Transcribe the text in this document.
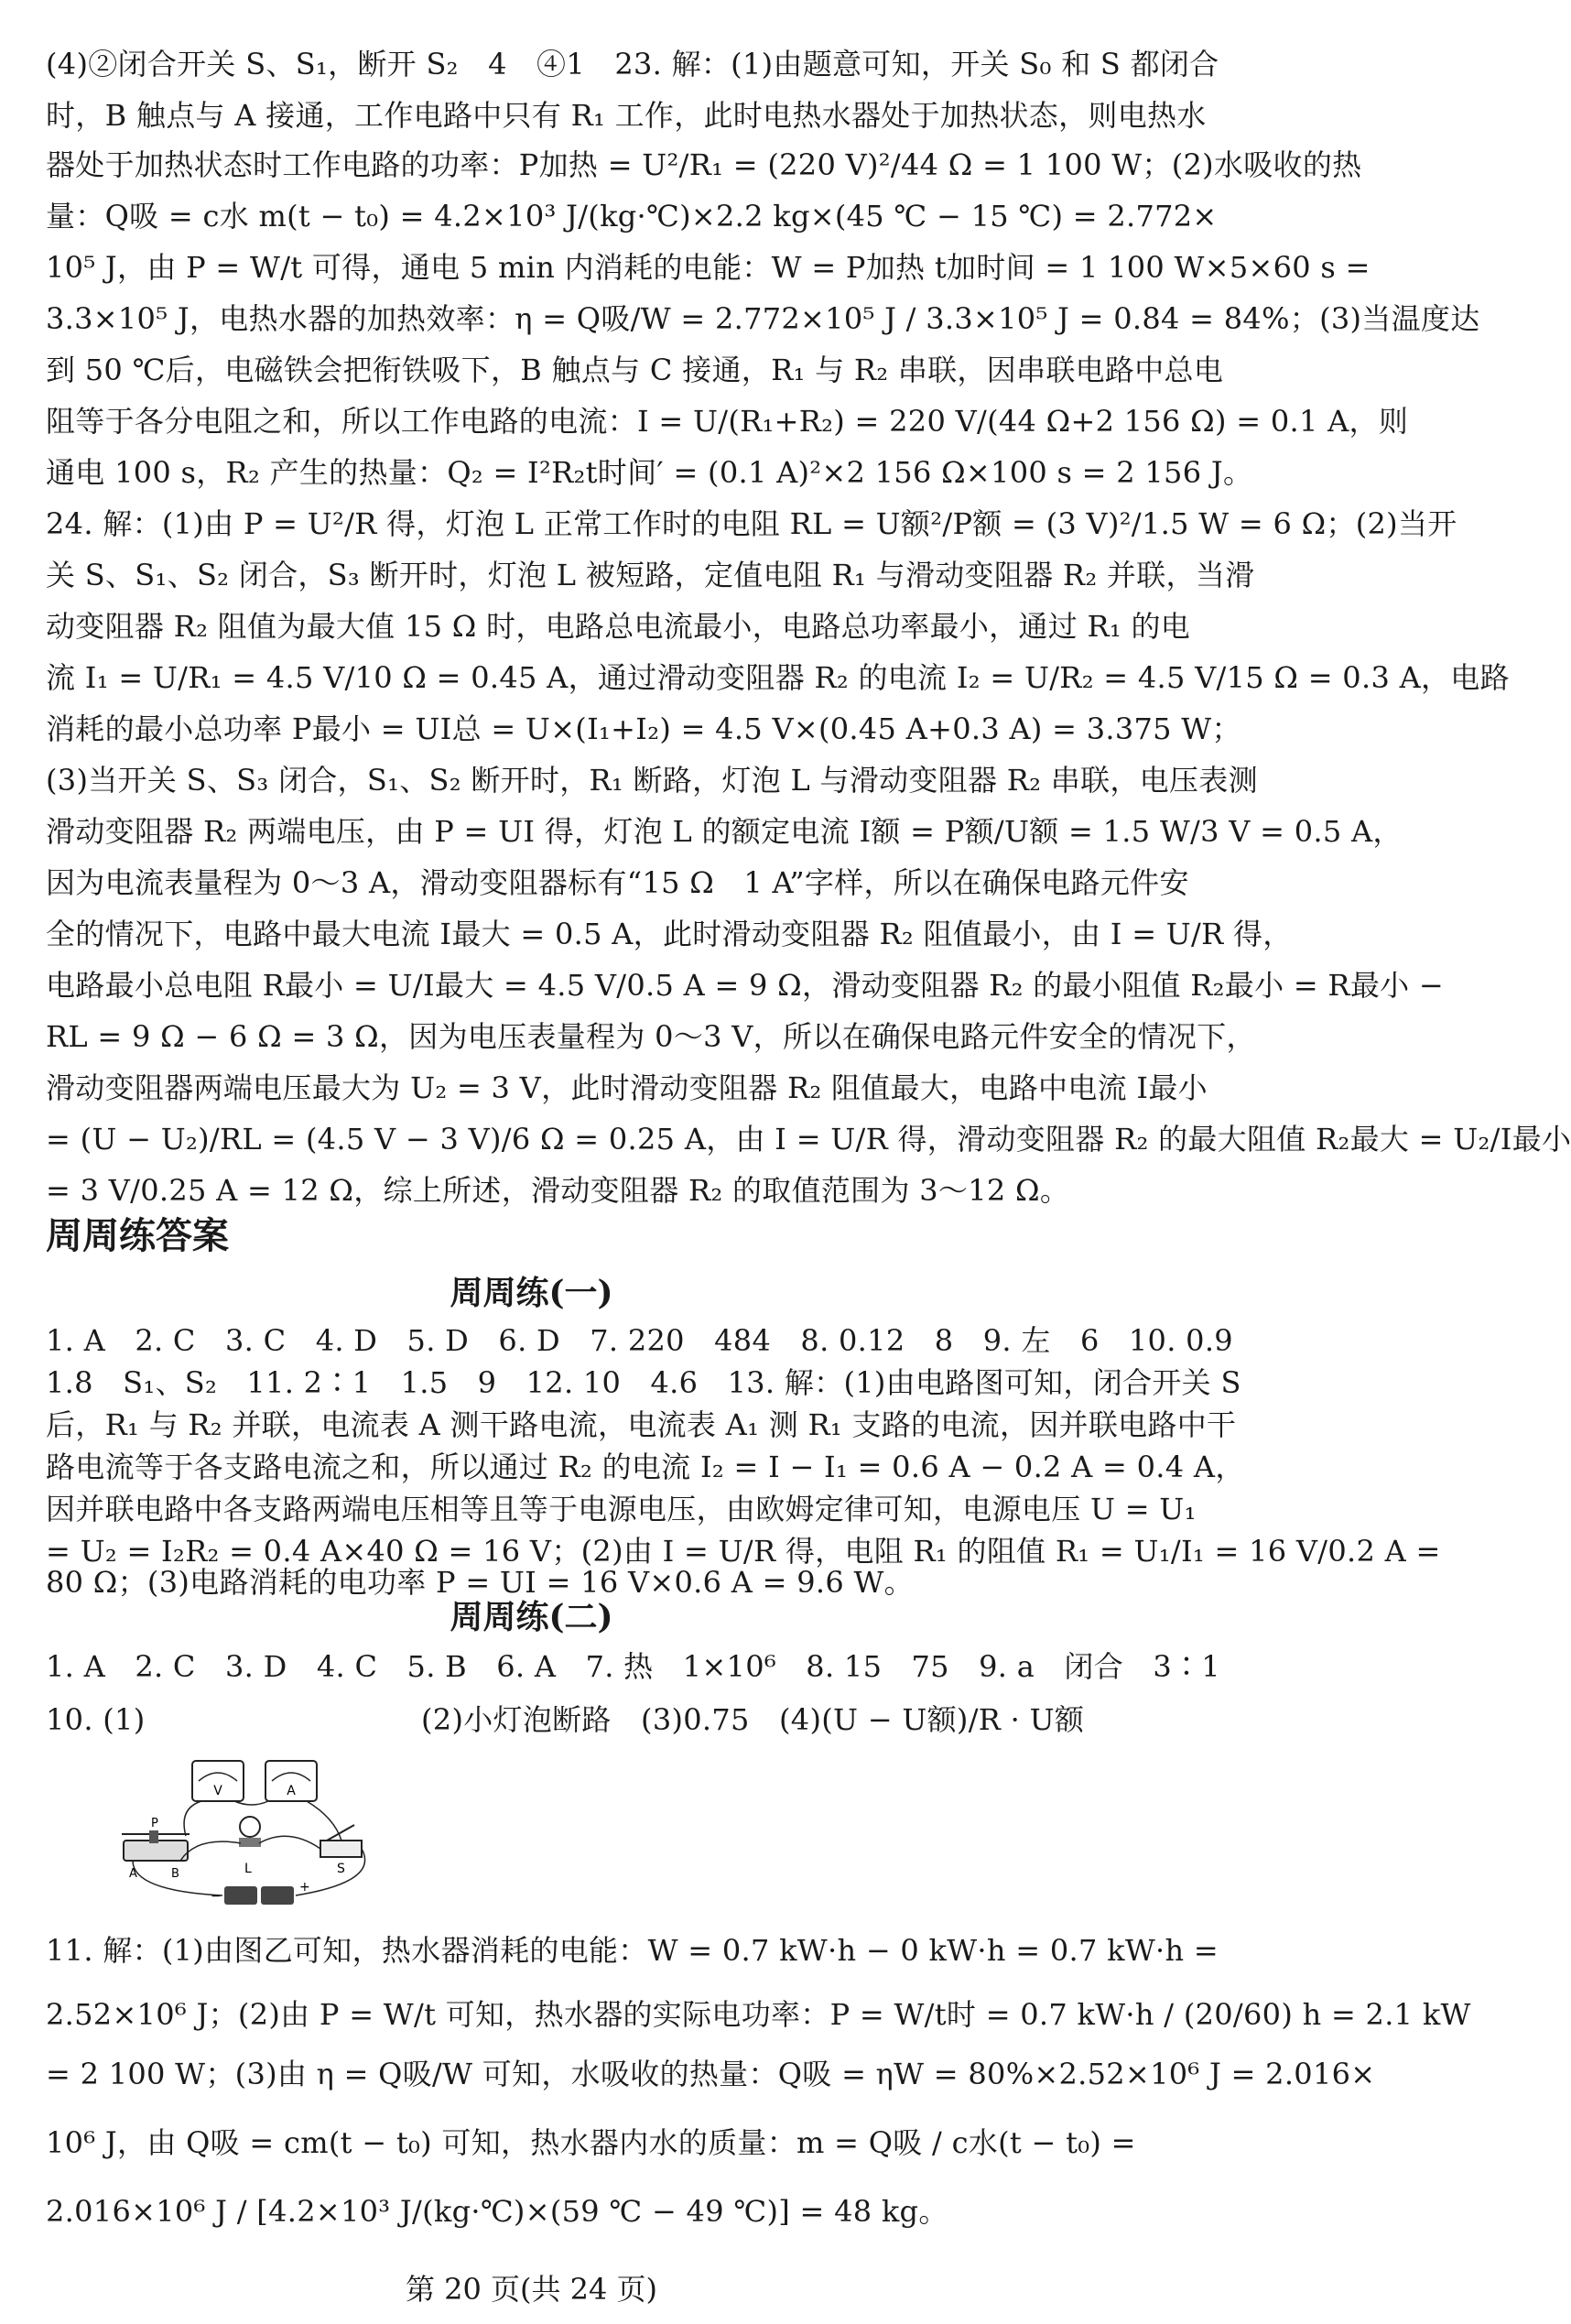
(4)②闭合开关 S、S₁，断开 S₂　4　④1　23. 解：(1)由题意可知，开关 S₀ 和 S 都闭合
时，B 触点与 A 接通，工作电路中只有 R₁ 工作，此时电热水器处于加热状态，则电热水
器处于加热状态时工作电路的功率：P加热 = U²/R₁ = (220 V)²/44 Ω = 1 100 W；(2)水吸收的热
量：Q吸 = c水 m(t − t₀) = 4.2×10³ J/(kg·℃)×2.2 kg×(45 ℃ − 15 ℃) = 2.772×
10⁵ J，由 P = W/t 可得，通电 5 min 内消耗的电能：W = P加热 t加时间 = 1 100 W×5×60 s =
3.3×10⁵ J，电热水器的加热效率：η = Q吸/W = 2.772×10⁵ J / 3.3×10⁵ J = 0.84 = 84%；(3)当温度达
到 50 ℃后，电磁铁会把衔铁吸下，B 触点与 C 接通，R₁ 与 R₂ 串联，因串联电路中总电
阻等于各分电阻之和，所以工作电路的电流：I = U/(R₁+R₂) = 220 V/(44 Ω+2 156 Ω) = 0.1 A，则
通电 100 s，R₂ 产生的热量：Q₂ = I²R₂t时间′ = (0.1 A)²×2 156 Ω×100 s = 2 156 J。
24. 解：(1)由 P = U²/R 得，灯泡 L 正常工作时的电阻 RL = U额²/P额 = (3 V)²/1.5 W = 6 Ω；(2)当开
关 S、S₁、S₂ 闭合，S₃ 断开时，灯泡 L 被短路，定值电阻 R₁ 与滑动变阻器 R₂ 并联，当滑
动变阻器 R₂ 阻值为最大值 15 Ω 时，电路总电流最小，电路总功率最小，通过 R₁ 的电
流 I₁ = U/R₁ = 4.5 V/10 Ω = 0.45 A，通过滑动变阻器 R₂ 的电流 I₂ = U/R₂ = 4.5 V/15 Ω = 0.3 A，电路
消耗的最小总功率 P最小 = UI总 = U×(I₁+I₂) = 4.5 V×(0.45 A+0.3 A) = 3.375 W；
(3)当开关 S、S₃ 闭合，S₁、S₂ 断开时，R₁ 断路，灯泡 L 与滑动变阻器 R₂ 串联，电压表测
滑动变阻器 R₂ 两端电压，由 P = UI 得，灯泡 L 的额定电流 I额 = P额/U额 = 1.5 W/3 V = 0.5 A，
因为电流表量程为 0～3 A，滑动变阻器标有“15 Ω　1 A”字样，所以在确保电路元件安
全的情况下，电路中最大电流 I最大 = 0.5 A，此时滑动变阻器 R₂ 阻值最小，由 I = U/R 得，
电路最小总电阻 R最小 = U/I最大 = 4.5 V/0.5 A = 9 Ω，滑动变阻器 R₂ 的最小阻值 R₂最小 = R最小 −
RL = 9 Ω − 6 Ω = 3 Ω，因为电压表量程为 0～3 V，所以在确保电路元件安全的情况下，
滑动变阻器两端电压最大为 U₂ = 3 V，此时滑动变阻器 R₂ 阻值最大，电路中电流 I最小
= (U − U₂)/RL = (4.5 V − 3 V)/6 Ω = 0.25 A，由 I = U/R 得，滑动变阻器 R₂ 的最大阻值 R₂最大 = U₂/I最小
= 3 V/0.25 A = 12 Ω，综上所述，滑动变阻器 R₂ 的取值范围为 3～12 Ω。
周周练答案
周周练(一)
1. A　2. C　3. C　4. D　5. D　6. D　7. 220　484　8. 0.12　8　9. 左　6　10. 0.9
1.8　S₁、S₂　11. 2∶1　1.5　9　12. 10　4.6　13. 解：(1)由电路图可知，闭合开关 S
后，R₁ 与 R₂ 并联，电流表 A 测干路电流，电流表 A₁ 测 R₁ 支路的电流，因并联电路中干
路电流等于各支路电流之和，所以通过 R₂ 的电流 I₂ = I − I₁ = 0.6 A − 0.2 A = 0.4 A，
因并联电路中各支路两端电压相等且等于电源电压，由欧姆定律可知，电源电压 U = U₁
= U₂ = I₂R₂ = 0.4 A×40 Ω = 16 V；(2)由 I = U/R 得，电阻 R₁ 的阻值 R₁ = U₁/I₁ = 16 V/0.2 A =
80 Ω；(3)电路消耗的电功率 P = UI = 16 V×0.6 A = 9.6 W。
周周练(二)
1. A　2. C　3. D　4. C　5. B　6. A　7. 热　1×10⁶　8. 15　75　9. a　闭合　3∶1
10. (1)	(2)小灯泡断路　(3)0.75　(4)(U − U额)/R · U额
V	A
P
A	B	L	S
−
+
11. 解：(1)由图乙可知，热水器消耗的电能：W = 0.7 kW·h − 0 kW·h = 0.7 kW·h =
2.52×10⁶ J；(2)由 P = W/t 可知，热水器的实际电功率：P = W/t时 = 0.7 kW·h / (20/60) h = 2.1 kW
= 2 100 W；(3)由 η = Q吸/W 可知，水吸收的热量：Q吸 = ηW = 80%×2.52×10⁶ J = 2.016×
10⁶ J，由 Q吸 = cm(t − t₀) 可知，热水器内水的质量：m = Q吸 / c水(t − t₀) =
2.016×10⁶ J / [4.2×10³ J/(kg·℃)×(59 ℃ − 49 ℃)] = 48 kg。
第 20 页(共 24 页)
